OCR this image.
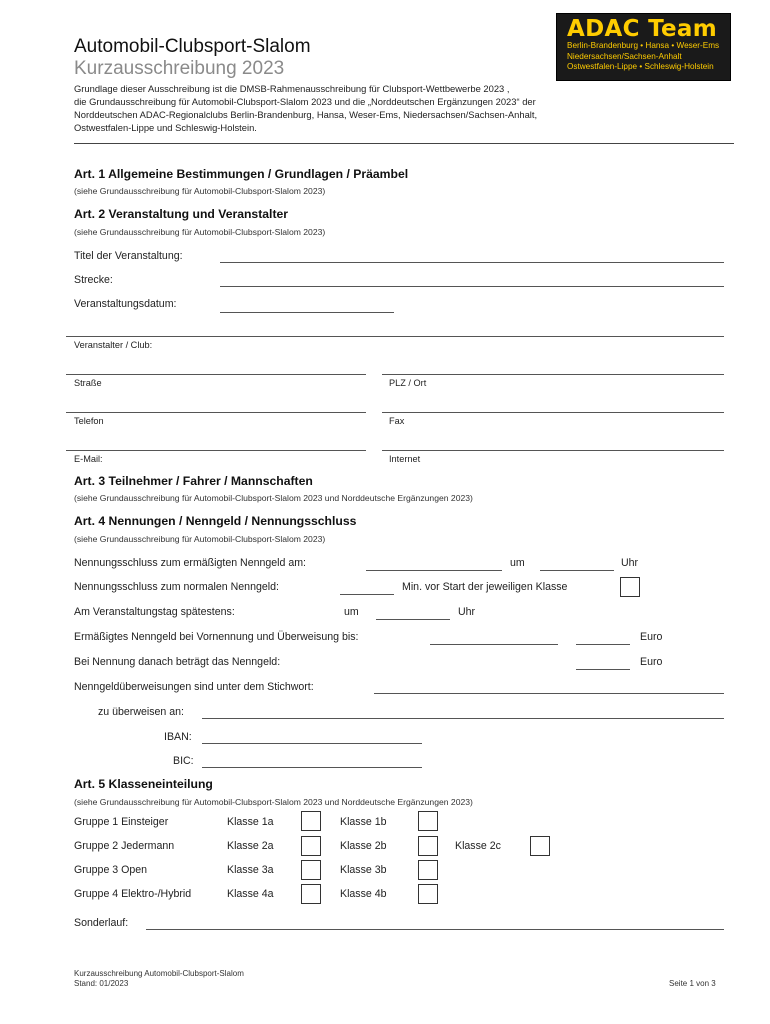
Automobil-Clubsport-Slalom
Kurzausschreibung 2023
ADAC Team
Berlin-Brandenburg • Hansa • Weser-Ems
Niedersachsen/Sachsen-Anhalt
Ostwestfalen-Lippe • Schleswig-Holstein
Grundlage dieser Ausschreibung ist die DMSB-Rahmenausschreibung für Clubsport-Wettbewerbe 2023 ,
die Grundausschreibung für Automobil-Clubsport-Slalom 2023 und die „Norddeutschen Ergänzungen 2023“ der
Norddeutschen ADAC-Regionalclubs Berlin-Brandenburg, Hansa, Weser-Ems, Niedersachsen/Sachsen-Anhalt,
Ostwestfalen-Lippe und Schleswig-Holstein.
Art. 1 Allgemeine Bestimmungen / Grundlagen / Präambel
(siehe Grundausschreibung für Automobil-Clubsport-Slalom 2023)
Art. 2 Veranstaltung und Veranstalter
(siehe Grundausschreibung für Automobil-Clubsport-Slalom 2023)
Titel der Veranstaltung:
Strecke:
Veranstaltungsdatum:
Veranstalter / Club:
Straße	PLZ / Ort
Telefon	Fax
E-Mail:	Internet
Art. 3 Teilnehmer / Fahrer / Mannschaften
(siehe Grundausschreibung für Automobil-Clubsport-Slalom 2023 und Norddeutsche Ergänzungen 2023)
Art. 4 Nennungen / Nenngeld / Nennungsschluss
(siehe Grundausschreibung für Automobil-Clubsport-Slalom 2023)
Nennungsschluss zum ermäßigten Nenngeld am:	um	Uhr
Nennungsschluss zum normalen Nenngeld:	Min. vor Start der jeweiligen Klasse
Am Veranstaltungstag spätestens:	um	Uhr
Ermäßigtes Nenngeld bei Vornennung und Überweisung bis:	Euro
Bei Nennung danach beträgt das Nenngeld:	Euro
Nenngeldüberweisungen sind unter dem Stichwort:
zu überweisen an:
IBAN:
BIC:
Art. 5 Klasseneinteilung
(siehe Grundausschreibung für Automobil-Clubsport-Slalom 2023 und Norddeutsche Ergänzungen 2023)
Gruppe 1 Einsteiger	Klasse 1a	Klasse 1b
Gruppe 2 Jedermann	Klasse 2a	Klasse 2b	Klasse 2c
Gruppe 3 Open	Klasse 3a	Klasse 3b
Gruppe 4 Elektro-/Hybrid	Klasse 4a	Klasse 4b
Sonderlauf:
Kurzausschreibung Automobil-Clubsport-Slalom
Stand: 01/2023	Seite 1 von 3
